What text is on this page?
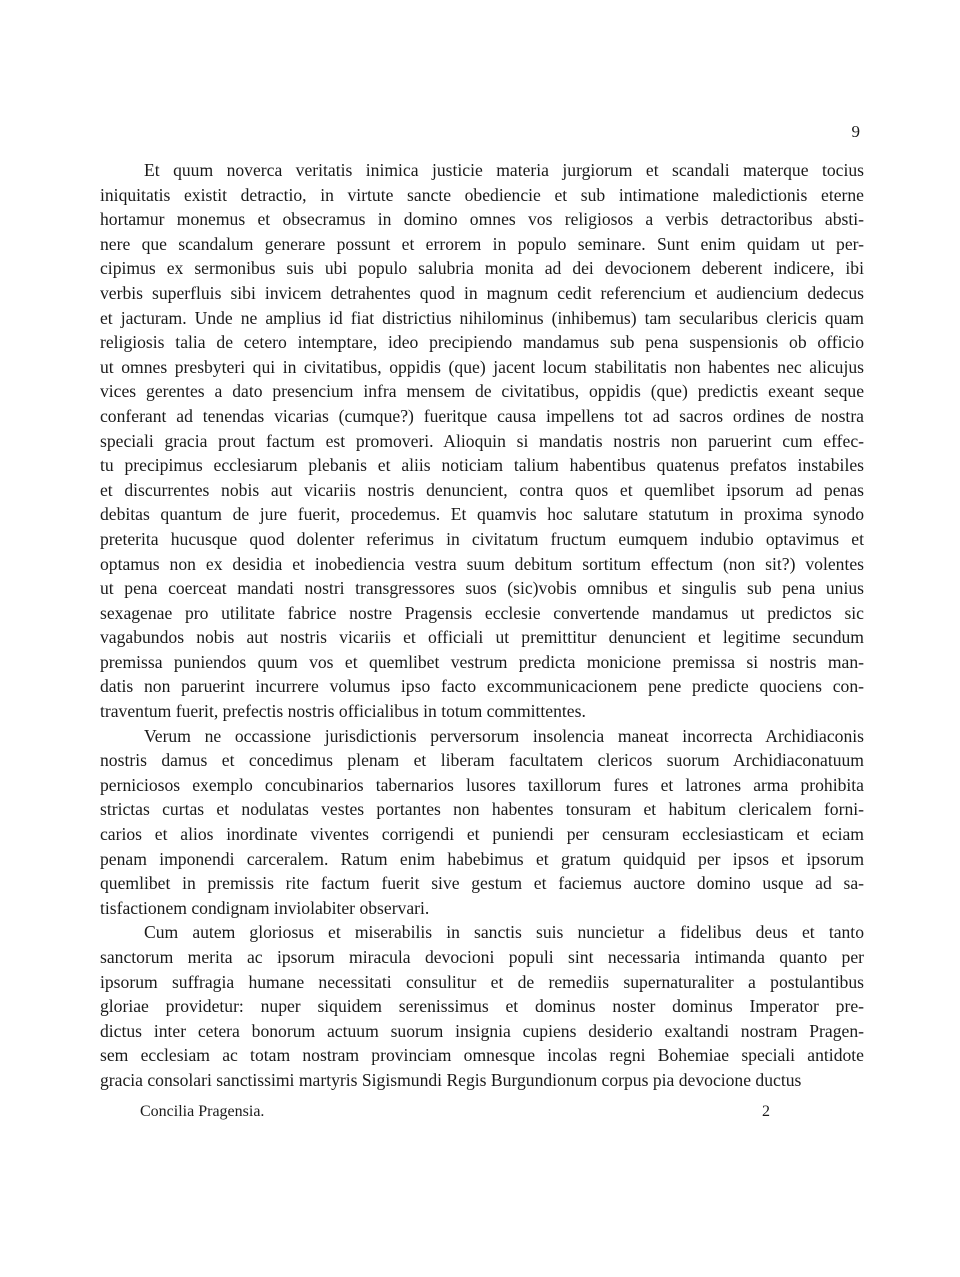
9
Et quum noverca veritatis inimica justicie materia jurgiorum et scandali materque tocius
iniquitatis existit detractio, in virtute sancte obediencie et sub intimatione maledictionis eterne
hortamur monemus et obsecramus in domino omnes vos religiosos a verbis detractoribus absti-
nere que scandalum generare possunt et errorem in populo seminare. Sunt enim quidam ut per-
cipimus ex sermonibus suis ubi populo salubria monita ad dei devocionem deberent indicere, ibi
verbis superfluis sibi invicem detrahentes quod in magnum cedit referencium et audiencium dedecus
et jacturam. Unde ne amplius id fiat districtius nihilominus (inhibemus) tam secularibus clericis quam
religiosis talia de cetero intemptare, ideo precipiendo mandamus sub pena suspensionis ob officio
ut omnes presbyteri qui in civitatibus, oppidis (que) jacent locum stabilitatis non habentes nec alicujus
vices gerentes a dato presencium infra mensem de civitatibus, oppidis (que) predictis exeant seque
conferant ad tenendas vicarias (cumque?) fueritque causa impellens tot ad sacros ordines de nostra
speciali gracia prout factum est promoveri. Alioquin si mandatis nostris non paruerint cum effec-
tu precipimus ecclesiarum plebanis et aliis noticiam talium habentibus quatenus prefatos instabiles
et discurrentes nobis aut vicariis nostris denuncient, contra quos et quemlibet ipsorum ad penas
debitas quantum de jure fuerit, procedemus. Et quamvis hoc salutare statutum in proxima synodo
preterita hucusque quod dolenter referimus in civitatum fructum eumquem indubio optavimus et
optamus non ex desidia et inobediencia vestra suum debitum sortitum effectum (non sit?) volentes
ut pena coerceat mandati nostri transgressores suos (sic)vobis omnibus et singulis sub pena unius
sexagenae pro utilitate fabrice nostre Pragensis ecclesie convertende mandamus ut predictos sic
vagabundos nobis aut nostris vicariis et officiali ut premittitur denuncient et legitime secundum
premissa puniendos quum vos et quemlibet vestrum predicta monicione premissa si nostris man-
datis non paruerint incurrere volumus ipso facto excommunicacionem pene predicte quociens con-
traventum fuerit, prefectis nostris officialibus in totum committentes.
Verum ne occassione jurisdictionis perversorum insolencia maneat incorrecta Archidiaconis
nostris damus et concedimus plenam et liberam facultatem clericos suorum Archidiaconatuum
perniciosos exemplo concubinarios tabernarios lusores taxillorum fures et latrones arma prohibita
strictas curtas et nodulatas vestes portantes non habentes tonsuram et habitum clericalem forni-
carios et alios inordinate viventes corrigendi et puniendi per censuram ecclesiasticam et eciam
penam imponendi carceralem. Ratum enim habebimus et gratum quidquid per ipsos et ipsorum
quemlibet in premissis rite factum fuerit sive gestum et faciemus auctore domino usque ad sa-
tisfactionem condignam inviolabiter observari.
Cum autem gloriosus et miserabilis in sanctis suis nuncietur a fidelibus deus et tanto
sanctorum merita ac ipsorum miracula devocioni populi sint necessaria intimanda quanto per
ipsorum suffragia humane necessitati consulitur et de remediis supernaturaliter a postulantibus
gloriae providetur: nuper siquidem serenissimus et dominus noster dominus Imperator pre-
dictus inter cetera bonorum actuum suorum insignia cupiens desiderio exaltandi nostram Pragen-
sem ecclesiam ac totam nostram provinciam omnesque incolas regni Bohemiae speciali antidote
gracia consolari sanctissimi martyris Sigismundi Regis Burgundionum corpus pia devocione ductus
Concilia Pragensia.	2
